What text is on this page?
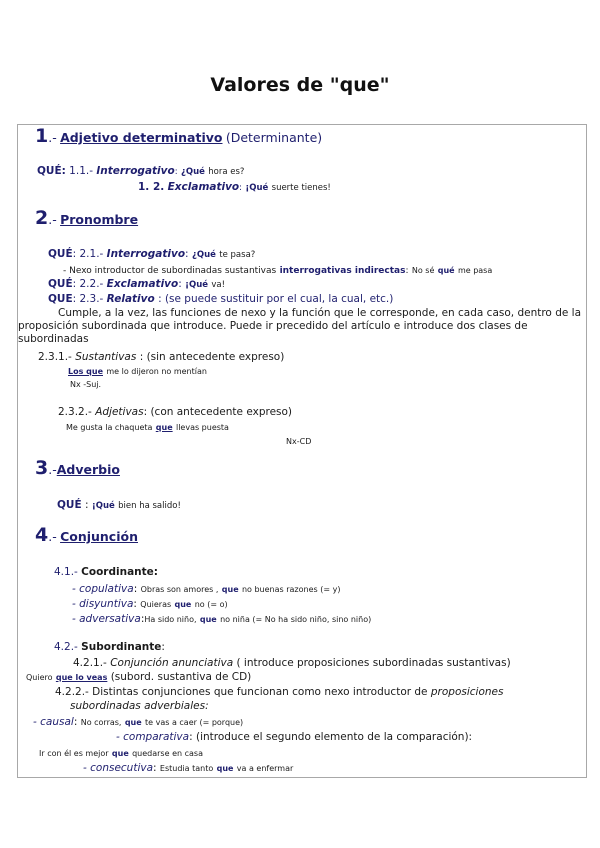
Valores de "que"
1.- Adjetivo determinativo (Determinante)
QUÉ: 1.1.- Interrogativo: ¿Qué hora es?
1. 2. Exclamativo: ¡Qué suerte tienes!
2.- Pronombre
QUÉ: 2.1.- Interrogativo: ¿Qué te pasa?
- Nexo introductor de subordinadas sustantivas interrogativas indirectas: No sé qué me pasa
QUÉ: 2.2.- Exclamativo: ¡Qué va!
QUE: 2.3.- Relativo : (se puede sustituir por el cual, la cual, etc.)
Cumple, a la vez, las funciones de nexo y la función que le corresponde, en cada caso, dentro de la proposición subordinada que introduce. Puede ir precedido del artículo e introduce dos clases de subordinadas
2.3.1.- Sustantivas : (sin antecedente expreso)
Los que me lo dijeron no mentían
Nx -Suj.
2.3.2.- Adjetivas: (con antecedente expreso)
Me gusta la chaqueta que llevas puesta
Nx-CD
3.-Adverbio
QUÉ : ¡Qué bien ha salido!
4.- Conjunción
4.1.- Coordinante:
- copulativa: Obras son amores , que no buenas razones (= y)
- disyuntiva: Quieras que no (= o)
- adversativa:Ha sido niño, que no niña (= No ha sido niño, sino niño)
4.2.- Subordinante:
4.2.1.- Conjunción anunciativa ( introduce proposiciones subordinadas sustantivas)
Quiero que lo veas (subord. sustantiva de CD)
4.2.2.- Distintas conjunciones que funcionan como nexo introductor de proposiciones
subordinadas adverbiales:
- causal: No corras, que te vas a caer (= porque)
- comparativa: (introduce el segundo elemento de la comparación):
Ir con él es mejor que quedarse en casa
- consecutiva: Estudia tanto que va a enfermar
